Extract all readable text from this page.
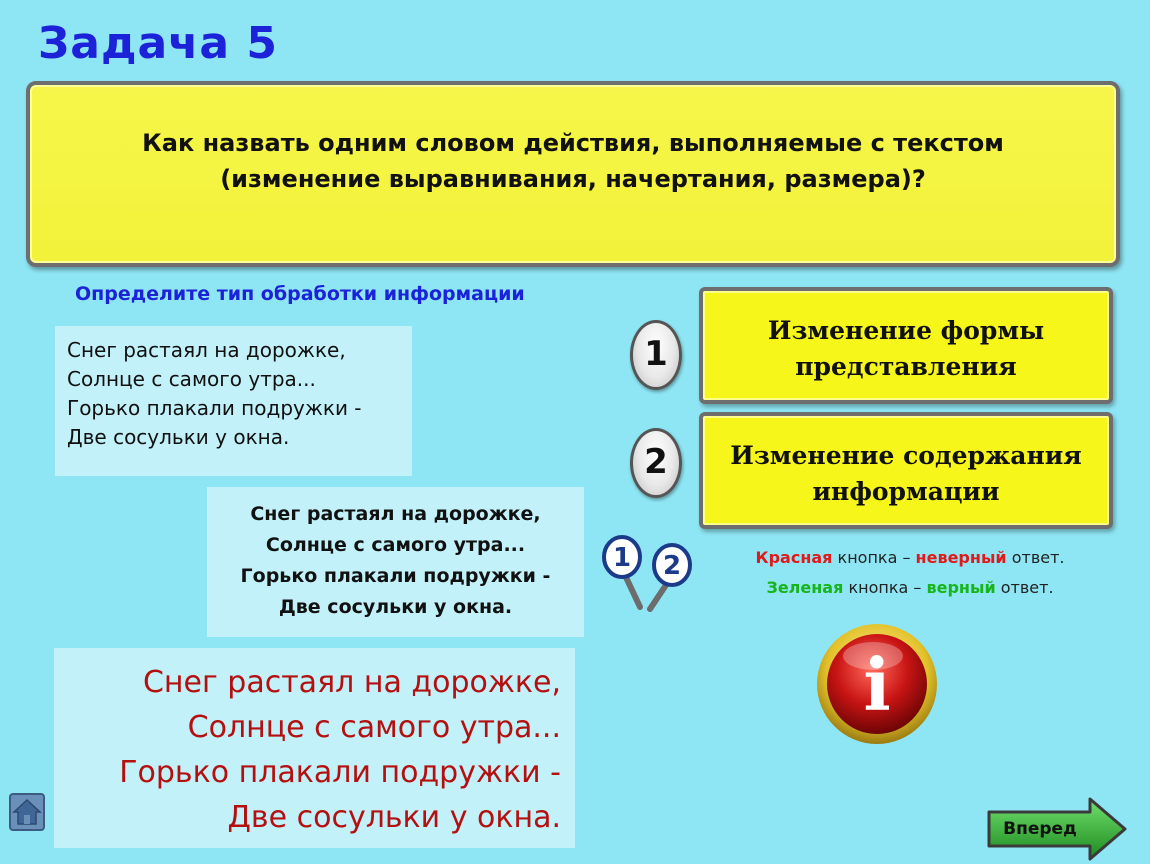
Задача 5
Как назвать одним словом действия, выполняемые с текстом
(изменение выравнивания, начертания, размера)?
Определите тип обработки информации
Снег растаял на дорожке,
Солнце с самого утра...
Горько плакали подружки -
Две сосульки у окна.
Снег растаял на дорожке,
Солнце с самого утра...
Горько плакали подружки -
Две сосульки у окна.
Снег растаял на дорожке,
Солнце с самого утра...
Горько плакали подружки -
Две сосульки у окна.
1
Изменение формы
представления
2	Изменение содержания
информации
1 2	Красная кнопка – неверный ответ.
Зеленая кнопка – верный ответ.
i
Вперед
